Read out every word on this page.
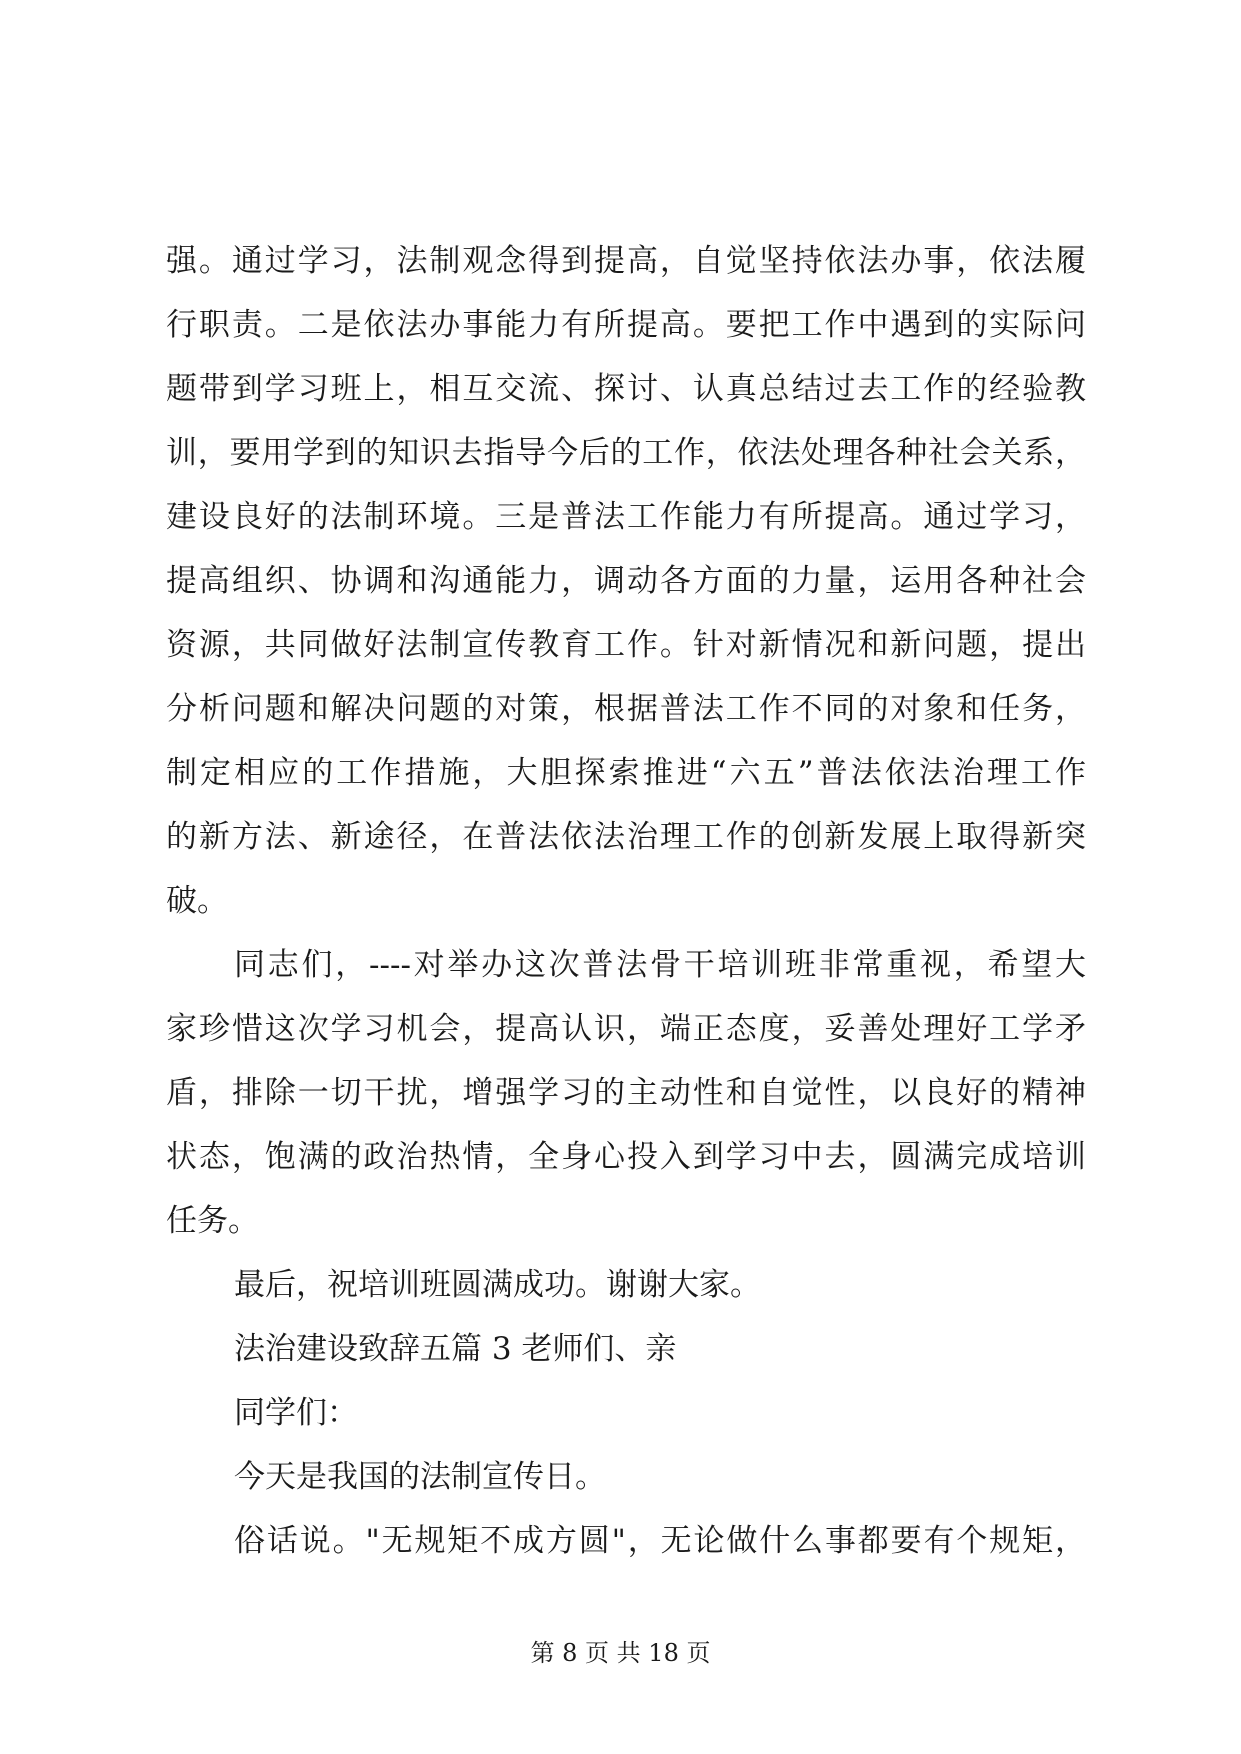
强。通过学习，法制观念得到提高，自觉坚持依法办事，依法履
行职责。二是依法办事能力有所提高。要把工作中遇到的实际问
题带到学习班上，相互交流、探讨、认真总结过去工作的经验教
训，要用学到的知识去指导今后的工作，依法处理各种社会关系，
建设良好的法制环境。三是普法工作能力有所提高。通过学习，
提高组织、协调和沟通能力，调动各方面的力量，运用各种社会
资源，共同做好法制宣传教育工作。针对新情况和新问题，提出
分析问题和解决问题的对策，根据普法工作不同的对象和任务，
制定相应的工作措施，大胆探索推进“六五”普法依法治理工作
的新方法、新途径，在普法依法治理工作的创新发展上取得新突
破。
同志们，----对举办这次普法骨干培训班非常重视，希望大
家珍惜这次学习机会，提高认识，端正态度，妥善处理好工学矛
盾，排除一切干扰，增强学习的主动性和自觉性，以良好的精神
状态，饱满的政治热情，全身心投入到学习中去，圆满完成培训
任务。
最后，祝培训班圆满成功。谢谢大家。
法治建设致辞五篇 3 老师们、亲
同学们：
今天是我国的法制宣传日。
俗话说。"无规矩不成方圆"，无论做什么事都要有个规矩，
第 8 页 共 18 页
